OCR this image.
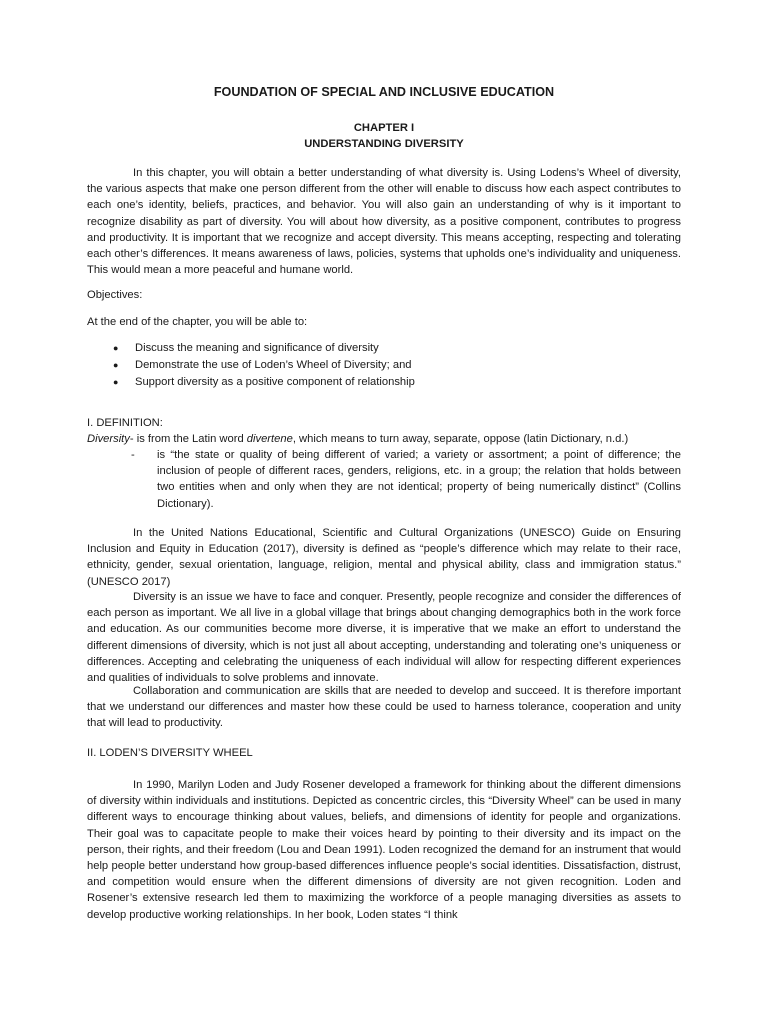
FOUNDATION OF SPECIAL AND INCLUSIVE EDUCATION

CHAPTER I

UNDERSTANDING DIVERSITY

In this chapter, you will obtain a better understanding of what diversity is. Using Lodens’s Wheel of diversity, the various aspects that make one person different from the other will enable to discuss how each aspect contributes to each one’s identity, beliefs, practices, and behavior. You will also gain an understanding of why is it important to recognize disability as part of diversity. You will about how diversity, as a positive component, contributes to progress and productivity. It is important that we recognize and accept diversity. This means accepting, respecting and tolerating each other’s differences. It means awareness of laws, policies, systems that upholds one’s individuality and uniqueness. This would mean a more peaceful and humane world.

Objectives:

At the end of the chapter, you will be able to:

● Discuss the meaning and significance of diversity
● Demonstrate the use of Loden’s Wheel of Diversity; and
● Support diversity as a positive component of relationship

I. DEFINITION:

Diversity- is from the Latin word divertene, which means to turn away, separate, oppose (latin Dictionary, n.d.)

- is “the state or quality of being different of varied; a variety or assortment; a point of difference; the inclusion of people of different races, genders, religions, etc. in a group; the relation that holds between two entities when and only when they are not identical; property of being numerically distinct” (Collins Dictionary).

In the United Nations Educational, Scientific and Cultural Organizations (UNESCO) Guide on Ensuring Inclusion and Equity in Education (2017), diversity is defined as “people’s difference which may relate to their race, ethnicity, gender, sexual orientation, language, religion, mental and physical ability, class and immigration status.” (UNESCO 2017)

Diversity is an issue we have to face and conquer. Presently, people recognize and consider the differences of each person as important. We all live in a global village that brings about changing demographics both in the work force and education. As our communities become more diverse, it is imperative that we make an effort to understand the different dimensions of diversity, which is not just all about accepting, understanding and tolerating one’s uniqueness or differences. Accepting and celebrating the uniqueness of each individual will allow for respecting different experiences and qualities of individuals to solve problems and innovate.

Collaboration and communication are skills that are needed to develop and succeed. It is therefore important that we understand our differences and master how these could be used to harness tolerance, cooperation and unity that will lead to productivity.

II. LODEN’S DIVERSITY WHEEL

In 1990, Marilyn Loden and Judy Rosener developed a framework for thinking about the different dimensions of diversity within individuals and institutions. Depicted as concentric circles, this “Diversity Wheel” can be used in many different ways to encourage thinking about values, beliefs, and dimensions of identity for people and organizations. Their goal was to capacitate people to make their voices heard by pointing to their diversity and its impact on the person, their rights, and their freedom (Lou and Dean 1991). Loden recognized the demand for an instrument that would help people better understand how group-based differences influence people’s social identities. Dissatisfaction, distrust, and competition would ensure when the different dimensions of diversity are not given recognition. Loden and Rosener’s extensive research led them to maximizing the workforce of a people managing diversities as assets to develop productive working relationships. In her book, Loden states “I think
